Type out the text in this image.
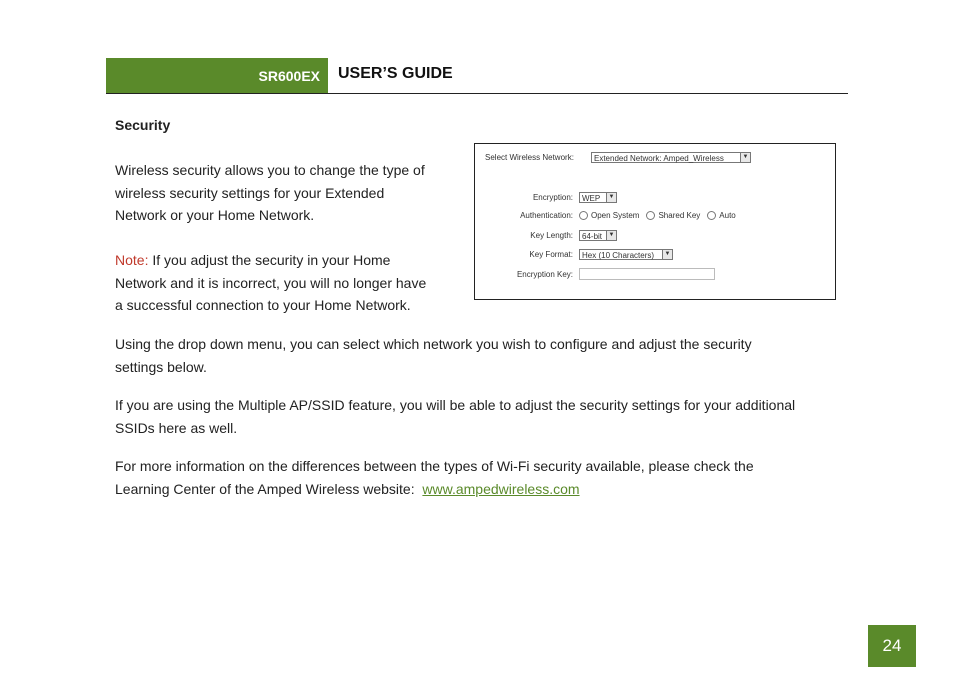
SR600EX USER’S GUIDE
Security
Wireless security allows you to change the type of
wireless security settings for your Extended
Network or your Home Network.
Note: If you adjust the security in your Home
Network and it is incorrect, you will no longer have
a successful connection to your Home Network.
Select Wireless Network:	Extended Network: Amped_Wireless	▼
Encryption:	WEP	▼
Authentication: Open System Shared Key Auto
Key Length:	64-bit	▼
Key Format:	Hex (10 Characters)	▼
Encryption Key:
Using the drop down menu, you can select which network you wish to configure and adjust the security
settings below.
If you are using the Multiple AP/SSID feature, you will be able to adjust the security settings for your additional
SSIDs here as well.
For more information on the differences between the types of Wi-Fi security available, please check the
Learning Center of the Amped Wireless website:  www.ampedwireless.com
24
